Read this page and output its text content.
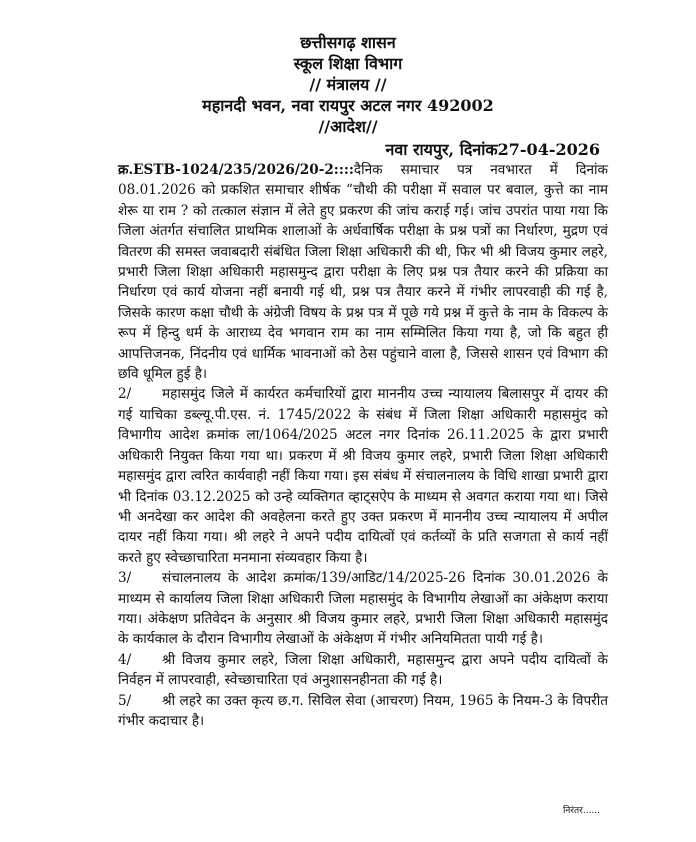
छत्तीसगढ़ शासन
स्कूल शिक्षा विभाग
// मंत्रालय //
महानदी भवन, नवा रायपुर अटल नगर 492002
//आदेश//
नवा रायपुर, दिनांक27-04-2026

क्र.ESTB-1024/235/2026/20-2::::दैनिक समाचार पत्र नवभारत में दिनांक 08.01.2026 को प्रकशित समाचार शीर्षक “चौथी की परीक्षा में सवाल पर बवाल, कुत्ते का नाम शेरू या राम ? को तत्काल संज्ञान में लेते हुए प्रकरण की जांच कराई गई। जांच उपरांत पाया गया कि जिला अंतर्गत संचालित प्राथमिक शालाओं के अर्धवार्षिक परीक्षा के प्रश्न पत्रों का निर्धारण, मुद्रण एवं वितरण की समस्त जवाबदारी संबंधित जिला शिक्षा अधिकारी की थी, फिर भी श्री विजय कुमार लहरे, प्रभारी जिला शिक्षा अधिकारी महासमुन्द द्वारा परीक्षा के लिए प्रश्न पत्र तैयार करने की प्रक्रिया का निर्धारण एवं कार्य योजना नहीं बनायी गई थी, प्रश्न पत्र तैयार करने में गंभीर लापरवाही की गई है, जिसके कारण कक्षा चौथी के अंग्रेजी विषय के प्रश्न पत्र में पूछे गये प्रश्न में कुत्ते के नाम के विकल्प के रूप में हिन्दु धर्म के आराध्य देव भगवान राम का नाम सम्मिलित किया गया है, जो कि बहुत ही आपत्तिजनक, निंदनीय एवं धार्मिक भावनाओं को ठेस पहुंचाने वाला है, जिससे शासन एवं विभाग की छवि धूमिल हुई है।

2/ महासमुंद जिले में कार्यरत कर्मचारियों द्वारा माननीय उच्च न्यायालय बिलासपुर में दायर की गई याचिका डब्ल्यू.पी.एस. नं. 1745/2022 के संबंध में जिला शिक्षा अधिकारी महासमुंद को विभागीय आदेश क्रमांक ला/1064/2025 अटल नगर दिनांक 26.11.2025 के द्वारा प्रभारी अधिकारी नियुक्त किया गया था। प्रकरण में श्री विजय कुमार लहरे, प्रभारी जिला शिक्षा अधिकारी महासमुंद द्वारा त्वरित कार्यवाही नहीं किया गया। इस संबंध में संचालनालय के विधि शाखा प्रभारी द्वारा भी दिनांक 03.12.2025 को उन्हे व्यक्तिगत व्हाट्सऐप के माध्यम से अवगत कराया गया था। जिसे भी अनदेखा कर आदेश की अवहेलना करते हुए उक्त प्रकरण में माननीय उच्च न्यायालय में अपील दायर नहीं किया गया। श्री लहरे ने अपने पदीय दायित्वों एवं कर्तव्यों के प्रति सजगता से कार्य नहीं करते हुए स्वेच्छाचारिता मनमाना संव्यवहार किया है।

3/ संचालनालय के आदेश क्रमांक/139/आडिट/14/2025-26 दिनांक 30.01.2026 के माध्यम से कार्यालय जिला शिक्षा अधिकारी जिला महासमुंद के विभागीय लेखाओं का अंकेक्षण कराया गया। अंकेक्षण प्रतिवेदन के अनुसार श्री विजय कुमार लहरे, प्रभारी जिला शिक्षा अधिकारी महासमुंद के कार्यकाल के दौरान विभागीय लेखाओं के अंकेक्षण में गंभीर अनियमितता पायी गई है।

4/ श्री विजय कुमार लहरे, जिला शिक्षा अधिकारी, महासमुन्द द्वारा अपने पदीय दायित्वों के निर्वहन में लापरवाही, स्वेच्छाचारिता एवं अनुशासनहीनता की गई है।

5/ श्री लहरे का उक्त कृत्य छ.ग. सिविल सेवा (आचरण) नियम, 1965 के नियम-3 के विपरीत गंभीर कदाचार है।

निरंतर......
